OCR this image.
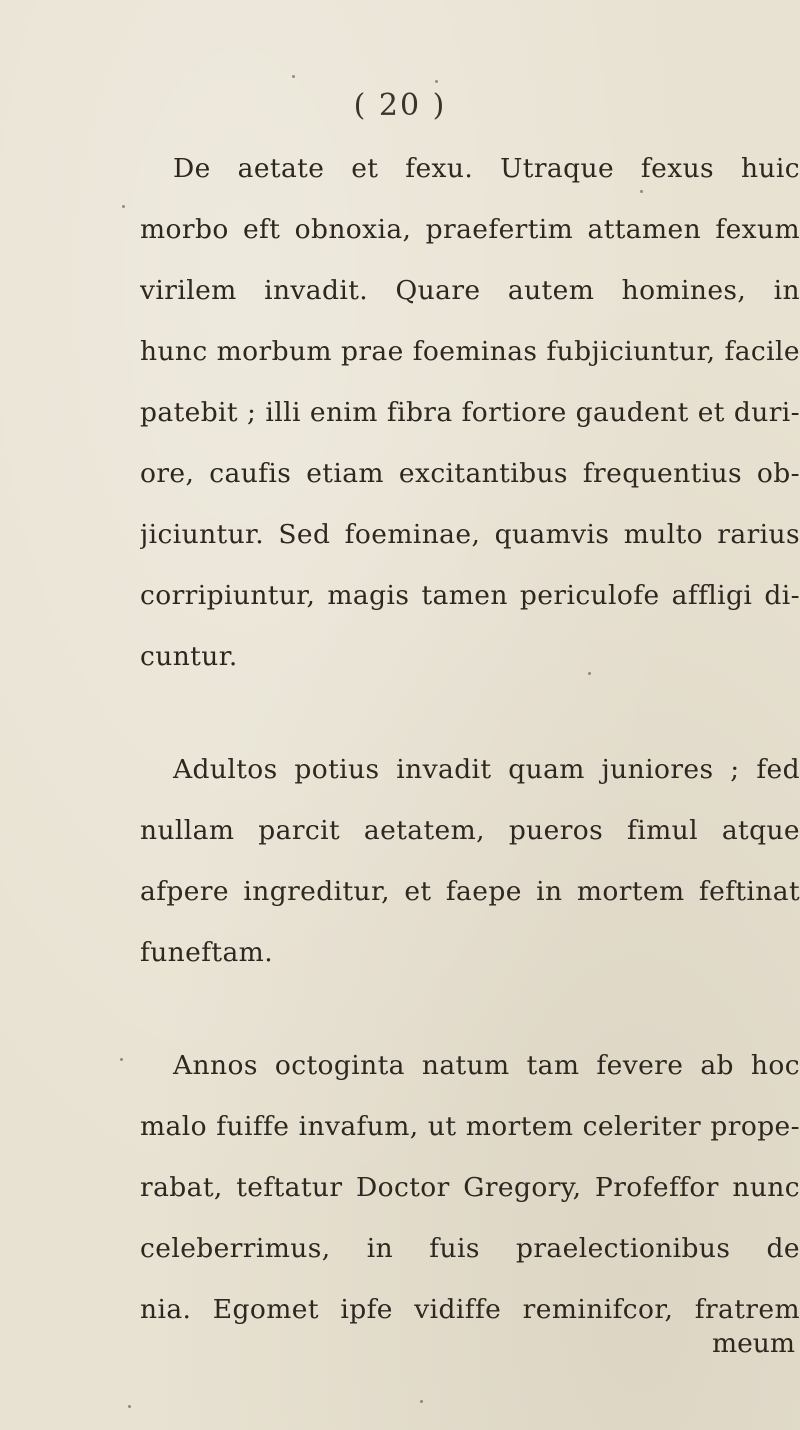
( 20 )
De aetate et fexu. Utraque fexus huic
morbo eft obnoxia, praefertim attamen fexum
virilem invadit. Quare autem homines, in
hunc morbum prae foeminas fubjiciuntur, facile
patebit ; illi enim fibra fortiore gaudent et duri-
ore, caufis etiam excitantibus frequentius ob-
jiciuntur. Sed foeminae, quamvis multo rarius
corripiuntur, magis tamen periculofe affligi di-
cuntur.
Adultos potius invadit quam juniores ; fed
nullam parcit aetatem, pueros fimul atque
afpere ingreditur, et faepe in mortem feftinat
funeftam.
Annos octoginta natum tam fevere ab hoc
malo fuiffe invafum, ut mortem celeriter prope-
rabat, teftatur Doctor Gregory, Profeffor nunc
celeberrimus, in fuis praelectionibus de
nia. Egomet ipfe vidiffe reminifcor, fratrem
meum
